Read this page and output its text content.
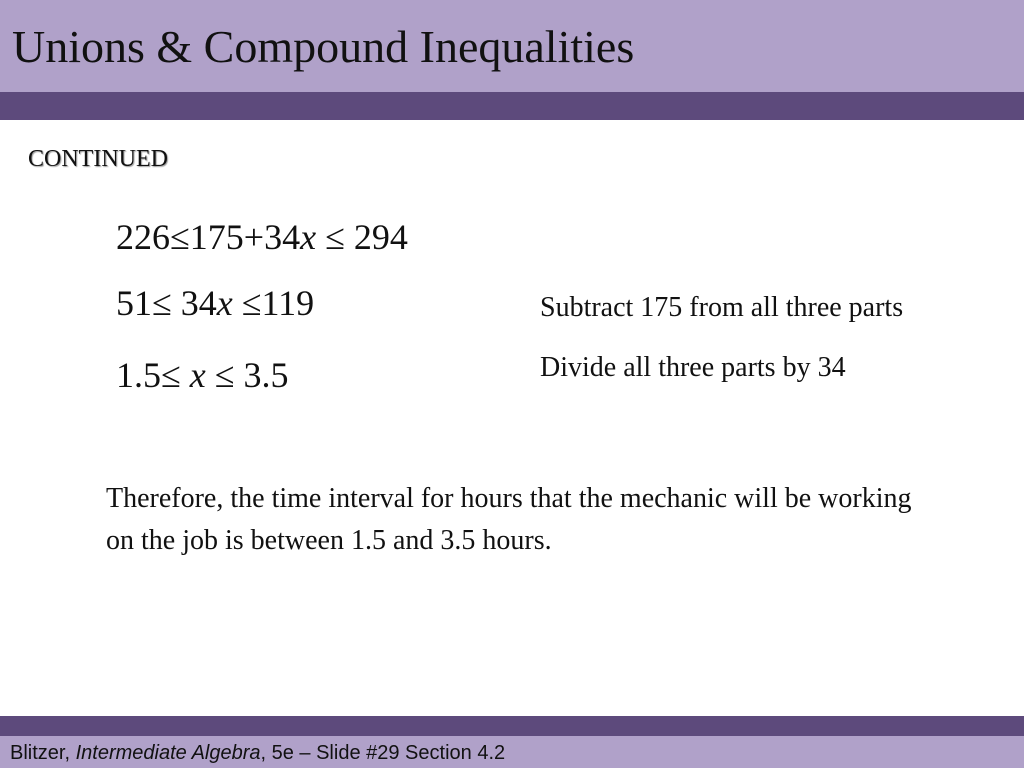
Unions & Compound Inequalities
CONTINUED
226≤175+34x ≤ 294
51≤ 34x ≤119	Subtract 175 from all three parts
1.5≤ x ≤ 3.5	Divide all three parts by 34
Therefore, the time interval for hours that the mechanic will be working on the job is between 1.5 and 3.5 hours.
Blitzer, Intermediate Algebra, 5e – Slide #29 Section 4.2
